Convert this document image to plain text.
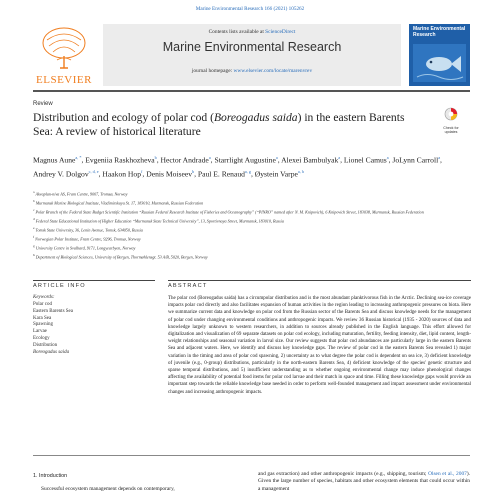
Marine Environmental Research 166 (2021) 105262
ELSEVIER
Contents lists available at ScienceDirect
Marine Environmental Research
journal homepage: www.elsevier.com/locate/marenvrev
Marine Environmental Research
Review
Distribution and ecology of polar cod (Boreogadus saida) in the eastern Barents Sea: A review of historical literature	Check for updates
Magnus Aune$^{a, *}$, Evgeniia Raskhozheva$^b$, Hector Andrade$^a$, Starrlight Augustine$^a$, Alexei Bambulyak$^a$, Lionel Camus$^a$, JoLynn Carroll$^a$, Andrey V. Dolgov$^{c, d, e}$, Haakon Hop$^f$, Denis Moiseev$^b$, Paul E. Renaud$^{a, g}$, Øystein Varpe$^{a, h}$
$^a$ Akvaplan-niva AS, Fram Centre, 9007, Tromsø, Norway
$^b$ Murmansk Marine Biological Institute, Vladimirskaya St. 17, 183010, Murmansk, Russian Federation
$^c$ Polar Branch of the Federal State Budget Scientific Institution “Russian Federal Research Institute of Fisheries and Oceanography” (“PINRO” named after N. M. Knipovich), 6 Knipovich Street, 183038, Murmansk, Russian Federation
$^d$ Federal State Educational Institution of Higher Education “Murmansk State Technical University”, 13, Sportivnaya Street, Murmansk, 183010, Russia
$^e$ Tomsk State University, 36, Lenin Avenue, Tomsk, 634050, Russia
$^f$ Norwegian Polar Institute, Fram Centre, 9296, Tromsø, Norway
$^g$ University Centre in Svalbard, 9171, Longyearbyen, Norway
$^h$ Department of Biological Sciences, University of Bergen, Thormøhlensgt. 53 A/B, 5020, Bergen, Norway
ARTICLE INFO	ABSTRACT
Keywords:
Polar cod
Eastern Barents Sea
Kara Sea
Spawning
Larvae
Ecology
Distribution
Boreogadus saida
The polar cod (Boreogadus saida) has a circumpolar distribution and is the most abundant planktivorous fish in the Arctic. Declining sea-ice coverage impacts polar cod directly and also facilitates expansion of human activities in the region leading to increasing anthropogenic pressures on biota. Here we summarize current data and knowledge on polar cod from the Russian sector of the Barents Sea and discuss knowledge needs for the management of polar cod under changing environmental conditions and anthropogenic impacts. We review 36 Russian historical (1935 - 2020) sources of data and knowledge largely unknown to western researchers, in addition to sources already published in the English language. This effort allowed for digitalization and visualization of 69 separate datasets on polar cod ecology, including maturation, fertility, feeding intensity, diet, lipid content, length-weight relationships and seasonal variation in larval size. Our review suggests that polar cod abundances are particularly large in the eastern Barents Sea and adjacent waters. Here, we identify and discuss key knowledge gaps. The review of polar cod in the eastern Barents Sea revealed 1) major variation in the timing and area of polar cod spawning, 2) uncertainty as to what degree the polar cod is dependent on sea ice, 3) deficient knowledge of juvenile (e.g., 0-group) distributions, particularly in the north-eastern Barents Sea, 4) deficient knowledge of the species' genetic structure and sparse temporal distributions, and 5) insufficient understanding as to whether ongoing environmental change may induce phenological changes affecting the availability of potential food items for polar cod larvae and their match in space and time. Filling these knowledge gaps would provide an important step towards the reliable knowledge base needed in order to perform well-founded management and impact assessment under environmental changes and increasing anthropogenic impacts.
1. Introduction
Successful ecosystem management depends on contemporary,
and gas extraction) and other anthropogenic impacts (e.g., shipping, tourism; Olsen et al., 2007). Given the large number of species, habitats and other ecosystem elements that could occur within a management
